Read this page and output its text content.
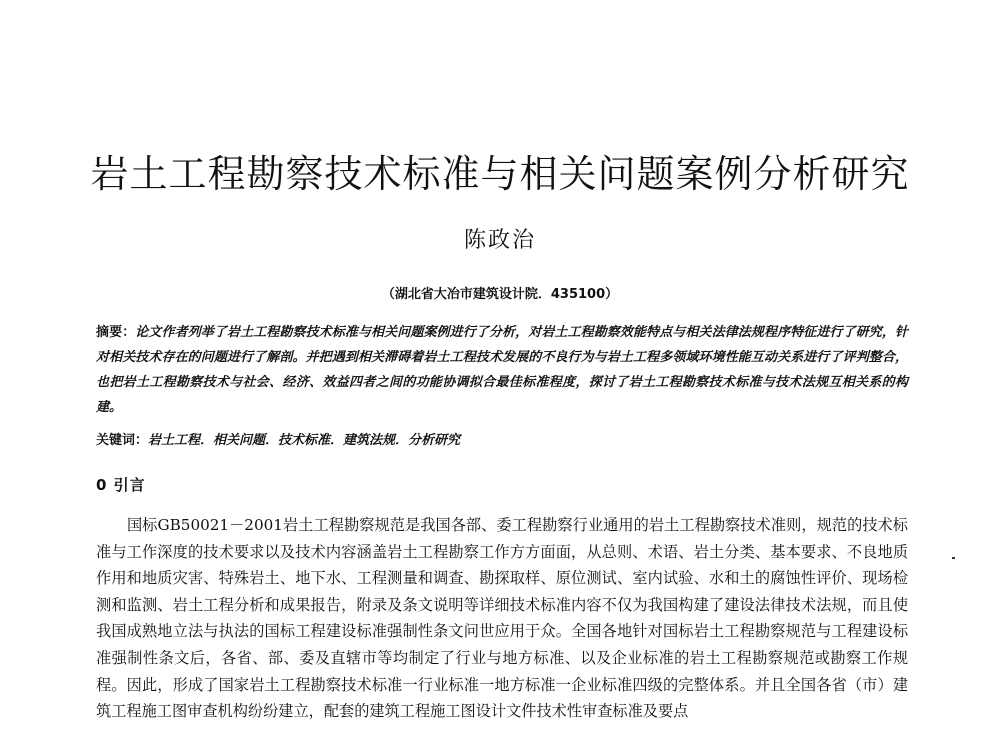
岩土工程勘察技术标准与相关问题案例分析研究
陈政治
（湖北省大冶市建筑设计院．435100）
摘要：论文作者列举了岩土工程勘察技术标准与相关问题案例进行了分析，对岩土工程勘察效能特点与相关法律法规程序特征进行了研究，针对相关技术存在的问题进行了解剖。并把遇到相关滞碍着岩土工程技术发展的不良行为与岩土工程多领域环境性能互动关系进行了评判整合，也把岩土工程勘察技术与社会、经济、效益四者之间的功能协调拟合最佳标准程度，探讨了岩土工程勘察技术标准与技术法规互相关系的构建。
关键词：岩土工程．相关问题．技术标准．建筑法规．分析研究
0 引言

国标GB50021－2001岩土工程勘察规范是我国各部、委工程勘察行业通用的岩土工程勘察技术准则，规范的技术标准与工作深度的技术要求以及技术内容涵盖岩土工程勘察工作方方面面，从总则、术语、岩土分类、基本要求、不良地质作用和地质灾害、特殊岩土、地下水、工程测量和调查、勘探取样、原位测试、室内试验、水和土的腐蚀性评价、现场检测和监测、岩土工程分析和成果报告，附录及条文说明等详细技术标准内容不仅为我国构建了建设法律技术法规，而且使我国成熟地立法与执法的国标工程建设标准强制性条文问世应用于众。全国各地针对国标岩土工程勘察规范与工程建设标准强制性条文后，各省、部、委及直辖市等均制定了行业与地方标准、以及企业标准的岩土工程勘察规范或勘察工作规程。因此，形成了国家岩土工程勘察技术标准一行业标准一地方标准一企业标准四级的完整体系。并且全国各省（市）建筑工程施工图审查机构纷纷建立，配套的建筑工程施工图设计文件技术性审查标准及要点
